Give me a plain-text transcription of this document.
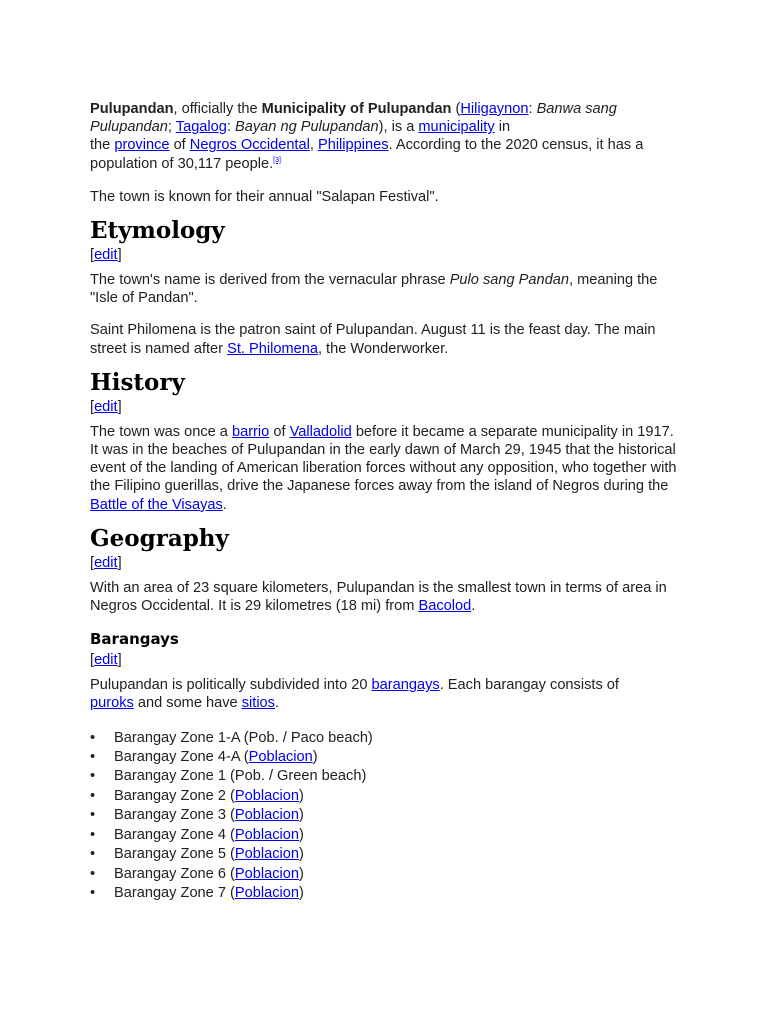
Pulupandan, officially the Municipality of Pulupandan (Hiligaynon: Banwa sang Pulupandan; Tagalog: Bayan ng Pulupandan), is a municipality in
the province of Negros Occidental, Philippines. According to the 2020 census, it has a population of 30,117 people.[3]

The town is known for their annual "Salapan Festival".

Etymology
[edit]

The town's name is derived from the vernacular phrase Pulo sang Pandan, meaning the "Isle of Pandan".

Saint Philomena is the patron saint of Pulupandan. August 11 is the feast day. The main street is named after St. Philomena, the Wonderworker.

History
[edit]

The town was once a barrio of Valladolid before it became a separate municipality in 1917. It was in the beaches of Pulupandan in the early dawn of March 29, 1945 that the historical event of the landing of American liberation forces without any opposition, who together with the Filipino guerillas, drive the Japanese forces away from the island of Negros during the Battle of the Visayas.

Geography
[edit]

With an area of 23 square kilometers, Pulupandan is the smallest town in terms of area in Negros Occidental. It is 29 kilometres (18 mi) from Bacolod.

Barangays
[edit]

Pulupandan is politically subdivided into 20 barangays. Each barangay consists of puroks and some have sitios.

• Barangay Zone 1-A (Pob. / Paco beach)
• Barangay Zone 4-A (Poblacion)
• Barangay Zone 1 (Pob. / Green beach)
• Barangay Zone 2 (Poblacion)
• Barangay Zone 3 (Poblacion)
• Barangay Zone 4 (Poblacion)
• Barangay Zone 5 (Poblacion)
• Barangay Zone 6 (Poblacion)
• Barangay Zone 7 (Poblacion)
